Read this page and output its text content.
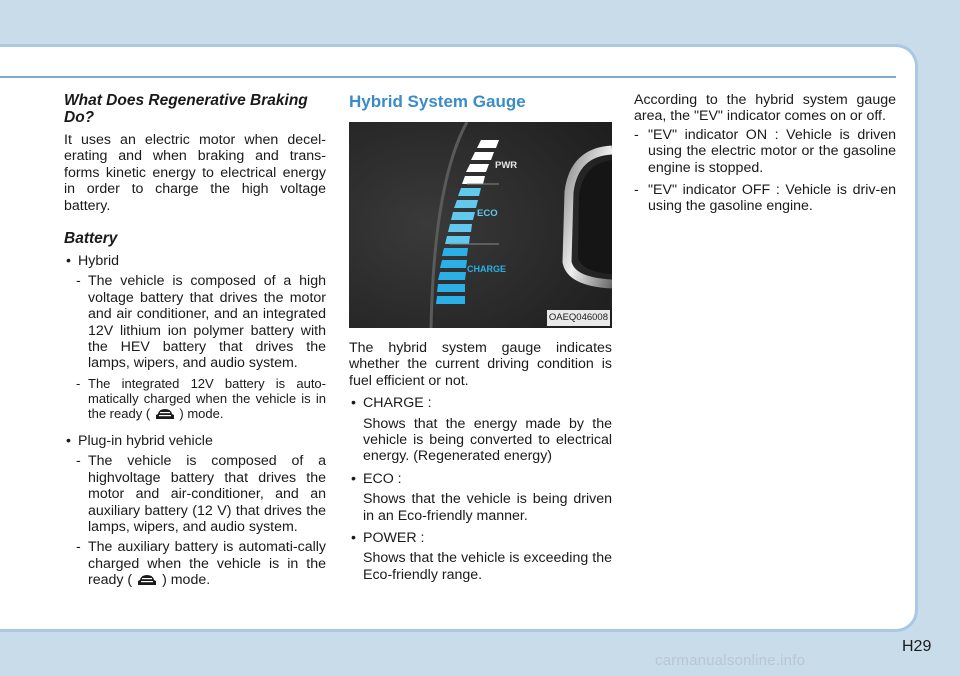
What Does Regenerative Braking Do?

It uses an electric motor when decel-erating and when braking and trans-forms kinetic energy to electrical energy in order to charge the high voltage battery.

Battery
• Hybrid
- The vehicle is composed of a high voltage battery that drives the motor and air conditioner, and an integrated 12V lithium ion polymer battery with the HEV battery that drives the lamps, wipers, and audio system.
- The integrated 12V battery is auto-matically charged when the vehicle is in the ready ( ) mode.
• Plug-in hybrid vehicle
- The vehicle is composed of a highvoltage battery that drives the motor and air-conditioner, and an auxiliary battery (12 V) that drives the lamps, wipers, and audio system.
- The auxiliary battery is automati-cally charged when the vehicle is in the ready ( ) mode.
Hybrid System Gauge
PWR
ECO
CHARGE
OAEQ046008

The hybrid system gauge indicates whether the current driving condition is fuel efficient or not.

• CHARGE :
Shows that the energy made by the vehicle is being converted to electrical energy. (Regenerated energy)
• ECO :
Shows that the vehicle is being driven in an Eco-friendly manner.
• POWER :
Shows that the vehicle is exceeding the Eco-friendly range.

According to the hybrid system gauge area, the "EV" indicator comes on or off.

- "EV" indicator ON : Vehicle is driven using the electric motor or the gasoline engine is stopped.
- "EV" indicator OFF : Vehicle is driv-en using the gasoline engine.
H29
carmanualsonline.info
